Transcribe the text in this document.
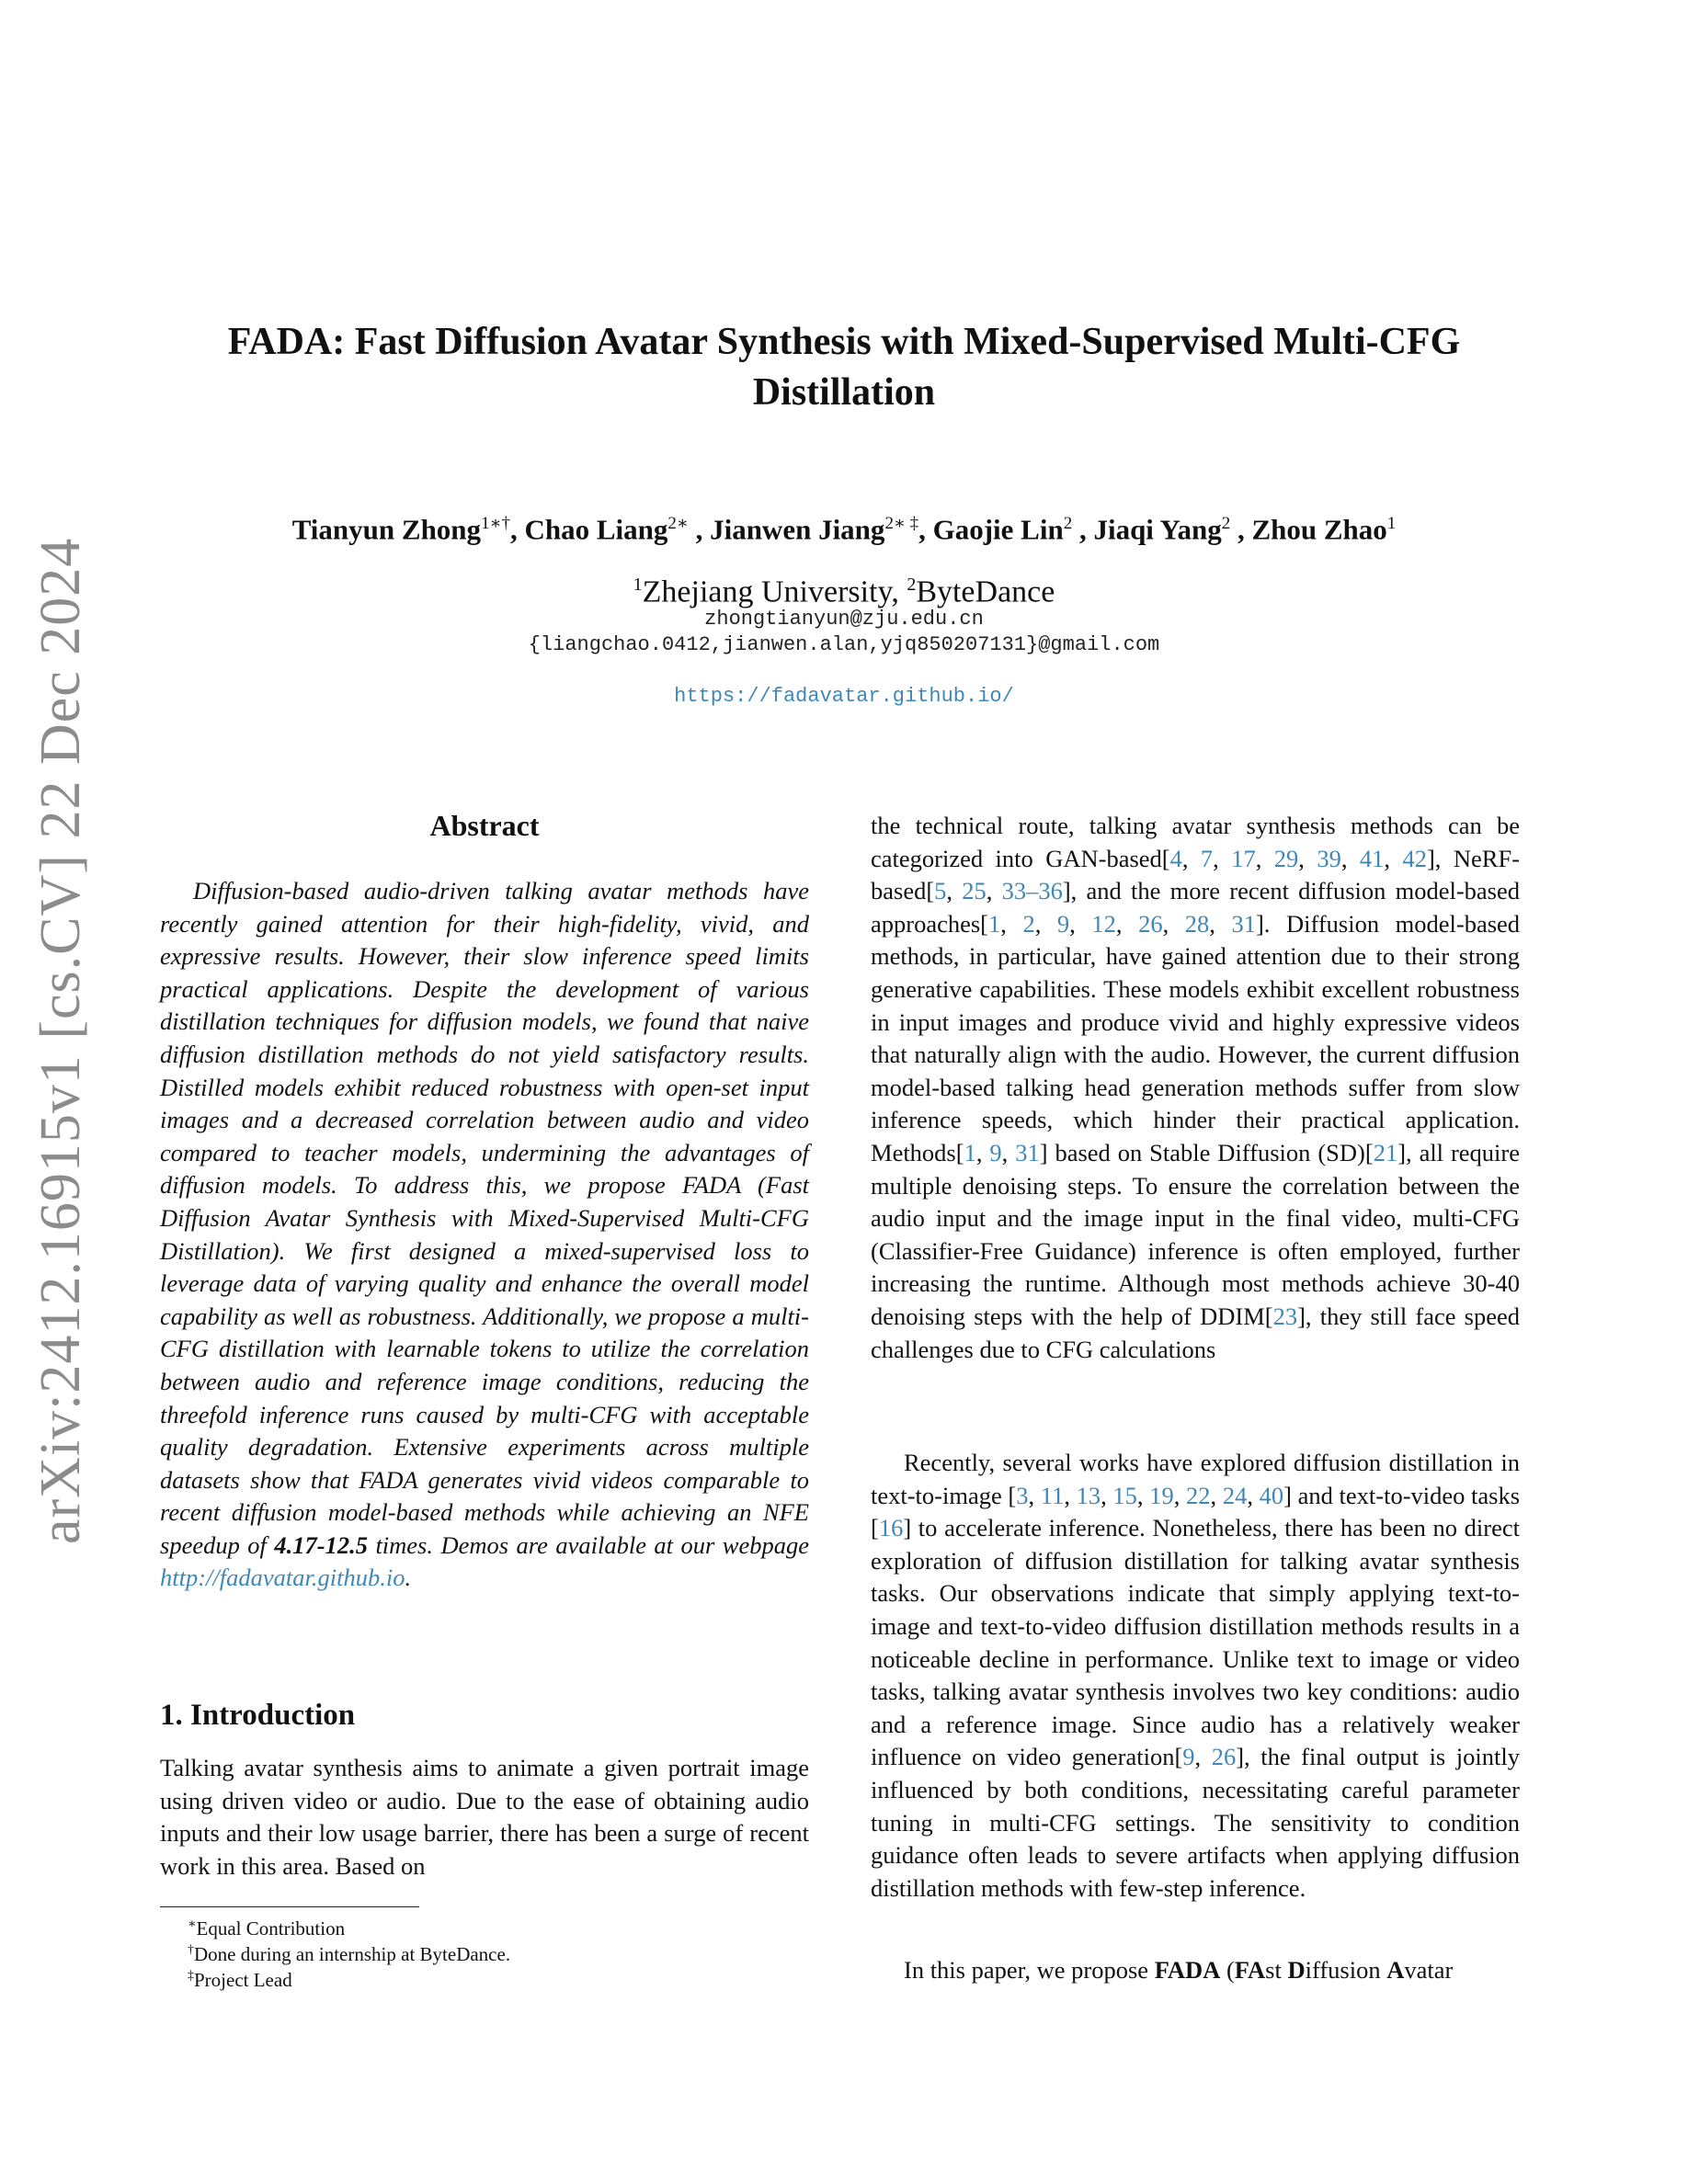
arXiv:2412.16915v1 [cs.CV] 22 Dec 2024
FADA: Fast Diffusion Avatar Synthesis with Mixed-Supervised Multi-CFG
Distillation
Tianyun Zhong$^{1∗\dagger}$, Chao Liang$^{2∗}$ , Jianwen Jiang$^{2∗ \ddagger}$, Gaojie Lin$^2$ , Jiaqi Yang$^2$ , Zhou Zhao$^1$
$^1$Zhejiang University, $^2$ByteDance
zhongtianyun@zju.edu.cn
{liangchao.0412,jianwen.alan,yjq850207131}@gmail.com
https://fadavatar.github.io/
Abstract

Diffusion-based audio-driven talking avatar methods have recently gained attention for their high-fidelity, vivid, and expressive results. However, their slow inference speed limits practical applications. Despite the development of various distillation techniques for diffusion models, we found that naive diffusion distillation methods do not yield satisfactory results. Distilled models exhibit reduced robustness with open-set input images and a decreased correlation between audio and video compared to teacher models, undermining the advantages of diffusion models. To address this, we propose FADA (Fast Diffusion Avatar Synthesis with Mixed-Supervised Multi-CFG Distillation). We first designed a mixed-supervised loss to leverage data of varying quality and enhance the overall model capability as well as robustness. Additionally, we propose a multi-CFG distillation with learnable tokens to utilize the correlation between audio and reference image conditions, reducing the threefold inference runs caused by multi-CFG with acceptable quality degradation. Extensive experiments across multiple datasets show that FADA generates vivid videos comparable to recent diffusion model-based methods while achieving an NFE speedup of 4.17-12.5 times. Demos are available at our webpage http://fadavatar.github.io.

1. Introduction

Talking avatar synthesis aims to animate a given portrait image using driven video or audio. Due to the ease of obtaining audio inputs and their low usage barrier, there has been a surge of recent work in this area. Based on

∗Equal Contribution
†Done during an internship at ByteDance.
‡Project Lead

the technical route, talking avatar synthesis methods can be categorized into GAN-based[4, 7, 17, 29, 39, 41, 42], NeRF-based[5, 25, 33–36], and the more recent diffusion model-based approaches[1, 2, 9, 12, 26, 28, 31]. Diffusion model-based methods, in particular, have gained attention due to their strong generative capabilities. These models exhibit excellent robustness in input images and produce vivid and highly expressive videos that naturally align with the audio. However, the current diffusion model-based talking head generation methods suffer from slow inference speeds, which hinder their practical application. Methods[1, 9, 31] based on Stable Diffusion (SD)[21], all require multiple denoising steps. To ensure the correlation between the audio input and the image input in the final video, multi-CFG (Classifier-Free Guidance) inference is often employed, further increasing the runtime. Although most methods achieve 30-40 denoising steps with the help of DDIM[23], they still face speed challenges due to CFG calculations

Recently, several works have explored diffusion distillation in text-to-image [3, 11, 13, 15, 19, 22, 24, 40] and text-to-video tasks [16] to accelerate inference. Nonetheless, there has been no direct exploration of diffusion distillation for talking avatar synthesis tasks. Our observations indicate that simply applying text-to-image and text-to-video diffusion distillation methods results in a noticeable decline in performance. Unlike text to image or video tasks, talking avatar synthesis involves two key conditions: audio and a reference image. Since audio has a relatively weaker influence on video generation[9, 26], the final output is jointly influenced by both conditions, necessitating careful parameter tuning in multi-CFG settings. The sensitivity to condition guidance often leads to severe artifacts when applying diffusion distillation methods with few-step inference.

In this paper, we propose FADA (FAst Diffusion Avatar
